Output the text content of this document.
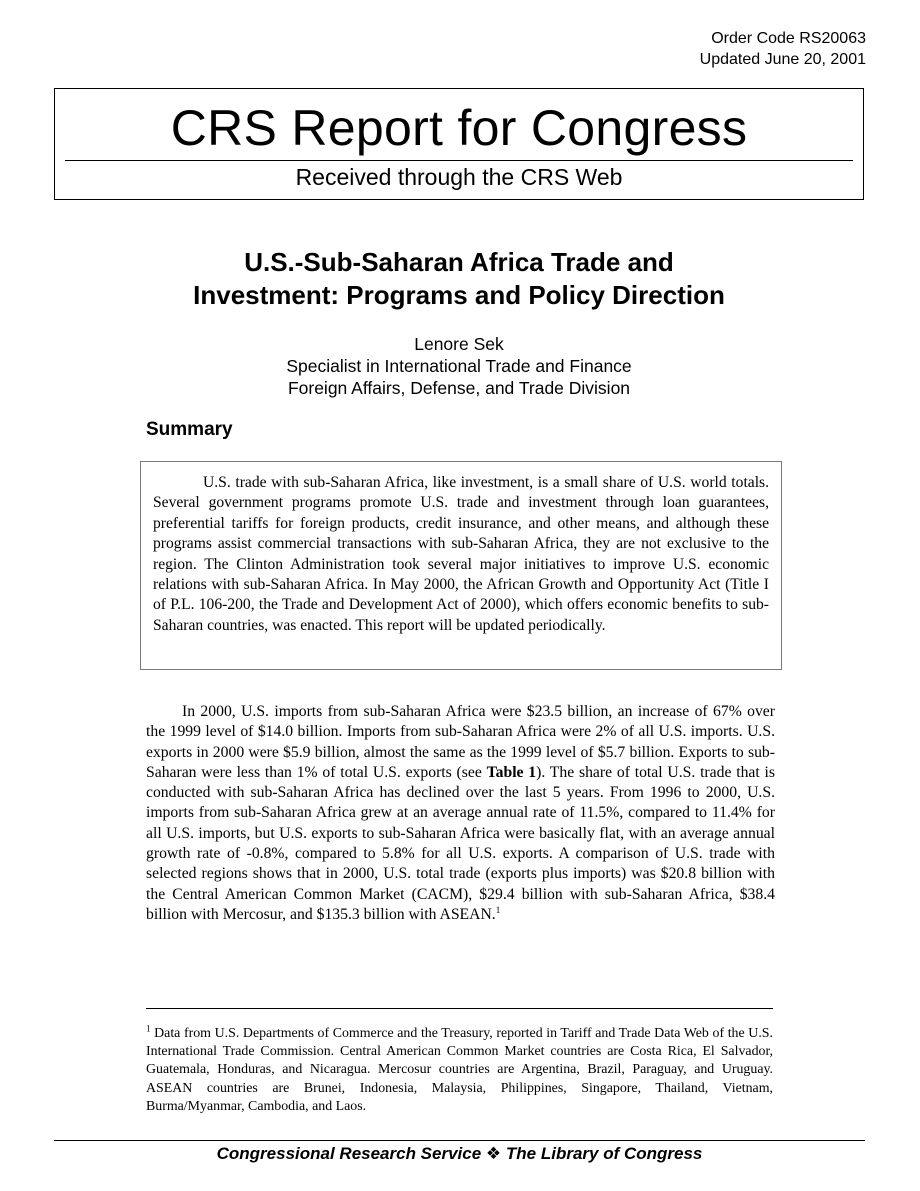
Order Code RS20063
Updated June 20, 2001
CRS Report for Congress
Received through the CRS Web
U.S.-Sub-Saharan Africa Trade and
Investment: Programs and Policy Direction
Lenore Sek
Specialist in International Trade and Finance
Foreign Affairs, Defense, and Trade Division
Summary

U.S. trade with sub-Saharan Africa, like investment, is a small share of U.S. world totals. Several government programs promote U.S. trade and investment through loan guarantees, preferential tariffs for foreign products, credit insurance, and other means, and although these programs assist commercial transactions with sub-Saharan Africa, they are not exclusive to the region. The Clinton Administration took several major initiatives to improve U.S. economic relations with sub-Saharan Africa. In May 2000, the African Growth and Opportunity Act (Title I of P.L. 106-200, the Trade and Development Act of 2000), which offers economic benefits to sub-Saharan countries, was enacted. This report will be updated periodically.

In 2000, U.S. imports from sub-Saharan Africa were $23.5 billion, an increase of 67% over the 1999 level of $14.0 billion. Imports from sub-Saharan Africa were 2% of all U.S. imports. U.S. exports in 2000 were $5.9 billion, almost the same as the 1999 level of $5.7 billion. Exports to sub-Saharan were less than 1% of total U.S. exports (see Table 1). The share of total U.S. trade that is conducted with sub-Saharan Africa has declined over the last 5 years. From 1996 to 2000, U.S. imports from sub-Saharan Africa grew at an average annual rate of 11.5%, compared to 11.4% for all U.S. imports, but U.S. exports to sub-Saharan Africa were basically flat, with an average annual growth rate of -0.8%, compared to 5.8% for all U.S. exports. A comparison of U.S. trade with selected regions shows that in 2000, U.S. total trade (exports plus imports) was $20.8 billion with the Central American Common Market (CACM), $29.4 billion with sub-Saharan Africa, $38.4 billion with Mercosur, and $135.3 billion with ASEAN.$^1$

$^1$ Data from U.S. Departments of Commerce and the Treasury, reported in Tariff and Trade Data Web of the U.S. International Trade Commission. Central American Common Market countries are Costa Rica, El Salvador, Guatemala, Honduras, and Nicaragua. Mercosur countries are Argentina, Brazil, Paraguay, and Uruguay. ASEAN countries are Brunei, Indonesia, Malaysia, Philippines, Singapore, Thailand, Vietnam, Burma/Myanmar, Cambodia, and Laos.

Congressional Research Service ❖ The Library of Congress
